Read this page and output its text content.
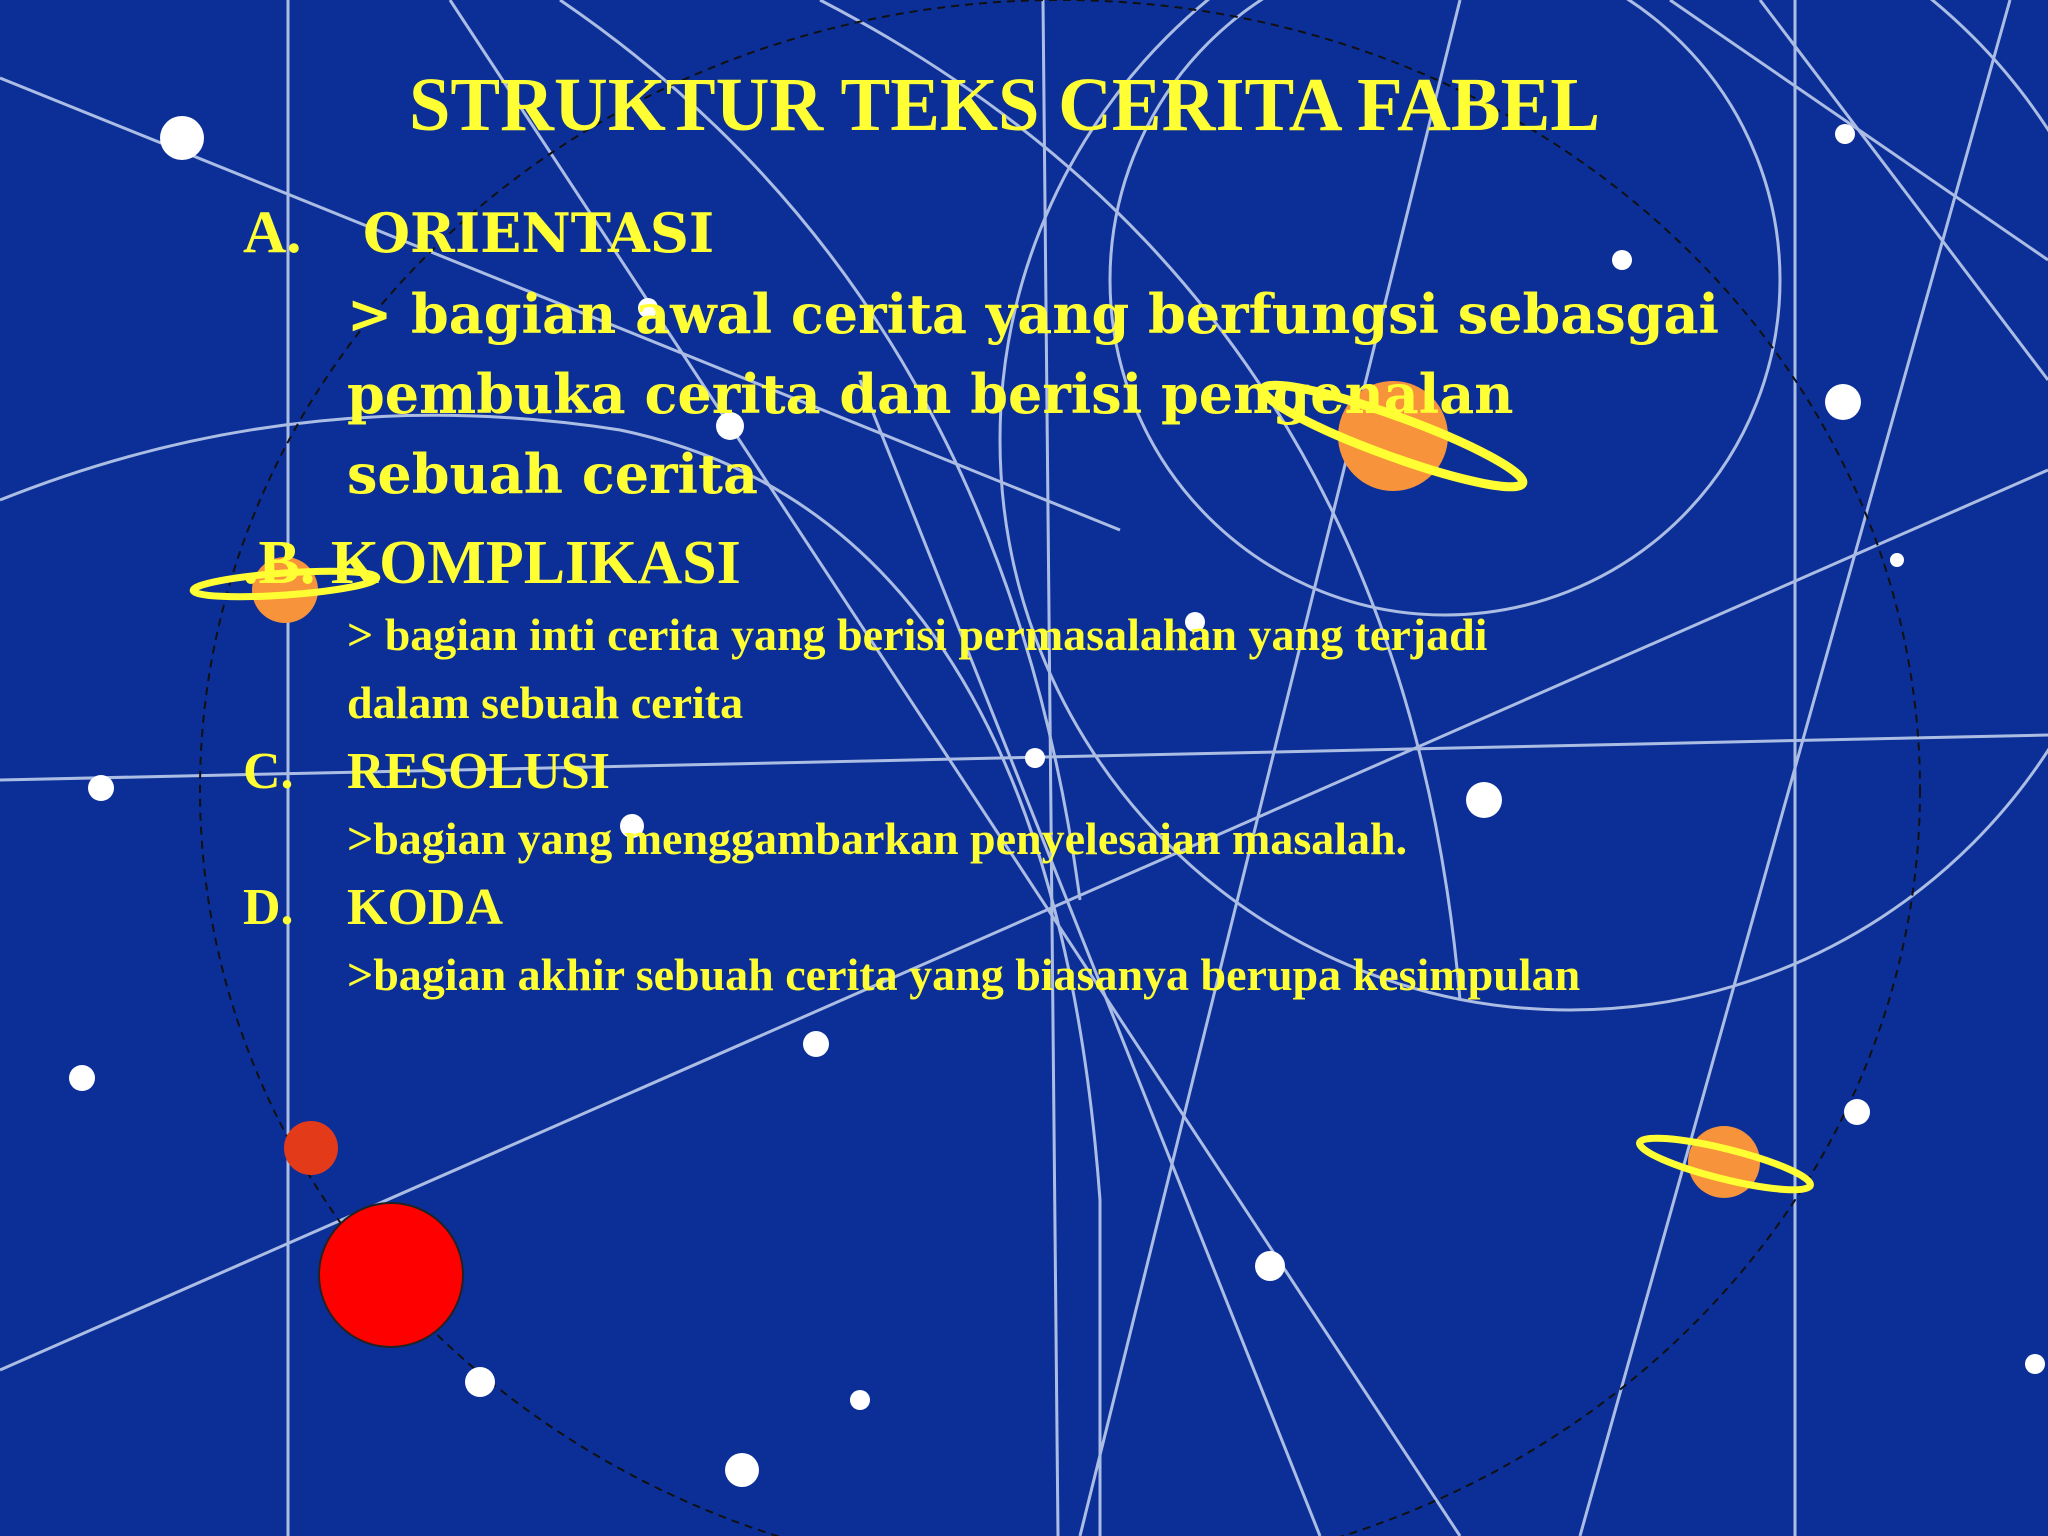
STRUKTUR TEKS CERITA FABEL
A. ORIENTASI
> bagian awal cerita yang berfungsi sebasgai
pembuka cerita dan berisi pengenalan
sebuah cerita
.B. KOMPLIKASI
> bagian inti cerita yang berisi permasalahan yang terjadi
dalam sebuah cerita
C. RESOLUSI
>bagian yang menggambarkan penyelesaian masalah.
D. KODA
>bagian akhir sebuah cerita yang biasanya berupa kesimpulan
